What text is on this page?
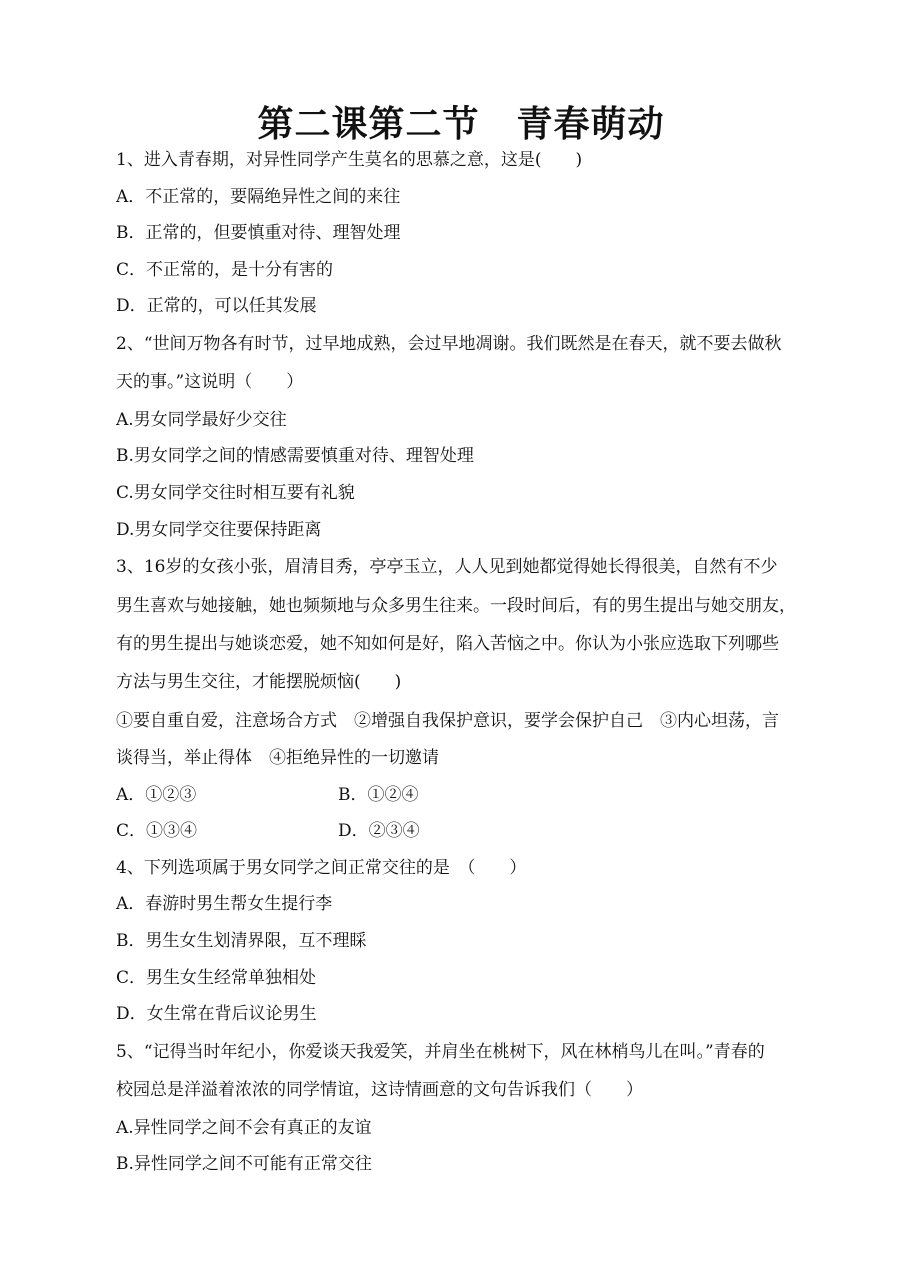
第二课第二节　青春萌动
1、进入青春期，对异性同学产生莫名的思慕之意，这是(　　)
A．不正常的，要隔绝异性之间的来往
B．正常的，但要慎重对待、理智处理
C．不正常的，是十分有害的
D．正常的，可以任其发展
2、“世间万物各有时节，过早地成熟，会过早地凋谢。我们既然是在春天，就不要去做秋
天的事。”这说明（　　）
A.男女同学最好少交往
B.男女同学之间的情感需要慎重对待、理智处理
C.男女同学交往时相互要有礼貌
D.男女同学交往要保持距离
3、16岁的女孩小张，眉清目秀，亭亭玉立，人人见到她都觉得她长得很美，自然有不少
男生喜欢与她接触，她也频频地与众多男生往来。一段时间后，有的男生提出与她交朋友，
有的男生提出与她谈恋爱，她不知如何是好，陷入苦恼之中。你认为小张应选取下列哪些
方法与男生交往，才能摆脱烦恼(　　)
①要自重自爱，注意场合方式　②增强自我保护意识，要学会保护自己　③内心坦荡，言
谈得当，举止得体　④拒绝异性的一切邀请
A．①②③	B．①②④
C．①③④	D．②③④
4、下列选项属于男女同学之间正常交往的是　（　　）
A．春游时男生帮女生提行李
B．男生女生划清界限，互不理睬
C．男生女生经常单独相处
D．女生常在背后议论男生
5、“记得当时年纪小，你爱谈天我爱笑，并肩坐在桃树下，风在林梢鸟儿在叫。”青春的
校园总是洋溢着浓浓的同学情谊，这诗情画意的文句告诉我们（　　）
A.异性同学之间不会有真正的友谊
B.异性同学之间不可能有正常交往
